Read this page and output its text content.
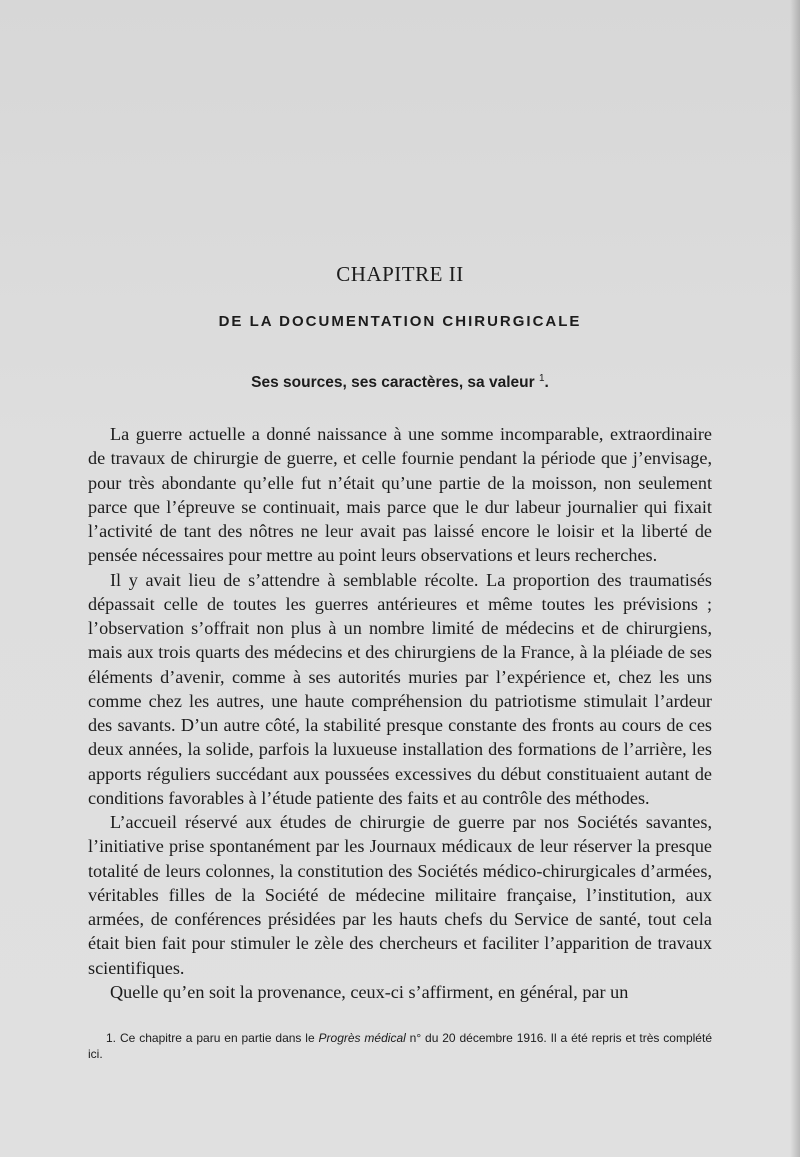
CHAPITRE II
DE LA DOCUMENTATION CHIRURGICALE
Ses sources, ses caractères, sa valeur $^1$.

La guerre actuelle a donné naissance à une somme incomparable, extraordinaire de travaux de chirurgie de guerre, et celle fournie pendant la période que j’envisage, pour très abondante qu’elle fut n’était qu’une partie de la moisson, non seulement parce que l’épreuve se continuait, mais parce que le dur labeur journalier qui fixait l’activité de tant des nôtres ne leur avait pas laissé encore le loisir et la liberté de pensée nécessaires pour mettre au point leurs observations et leurs recherches.

Il y avait lieu de s’attendre à semblable récolte. La proportion des traumatisés dépassait celle de toutes les guerres antérieures et même toutes les prévisions ; l’observation s’offrait non plus à un nombre limité de médecins et de chirurgiens, mais aux trois quarts des médecins et des chirurgiens de la France, à la pléiade de ses éléments d’avenir, comme à ses autorités muries par l’expérience et, chez les uns comme chez les autres, une haute compréhension du patriotisme stimulait l’ardeur des savants. D’un autre côté, la stabilité presque constante des fronts au cours de ces deux années, la solide, parfois la luxueuse installation des formations de l’arrière, les apports réguliers succédant aux poussées excessives du début constituaient autant de conditions favorables à l’étude patiente des faits et au contrôle des méthodes.

L’accueil réservé aux études de chirurgie de guerre par nos Sociétés savantes, l’initiative prise spontanément par les Journaux médicaux de leur réserver la presque totalité de leurs colonnes, la constitution des Sociétés médico-chirurgicales d’armées, véritables filles de la Société de médecine militaire française, l’institution, aux armées, de conférences présidées par les hauts chefs du Service de santé, tout cela était bien fait pour stimuler le zèle des chercheurs et faciliter l’apparition de travaux scientifiques.

Quelle qu’en soit la provenance, ceux-ci s’affirment, en général, par un

1. Ce chapitre a paru en partie dans le Progrès médical n° du 20 décembre 1916. Il a été repris et très complété ici.
